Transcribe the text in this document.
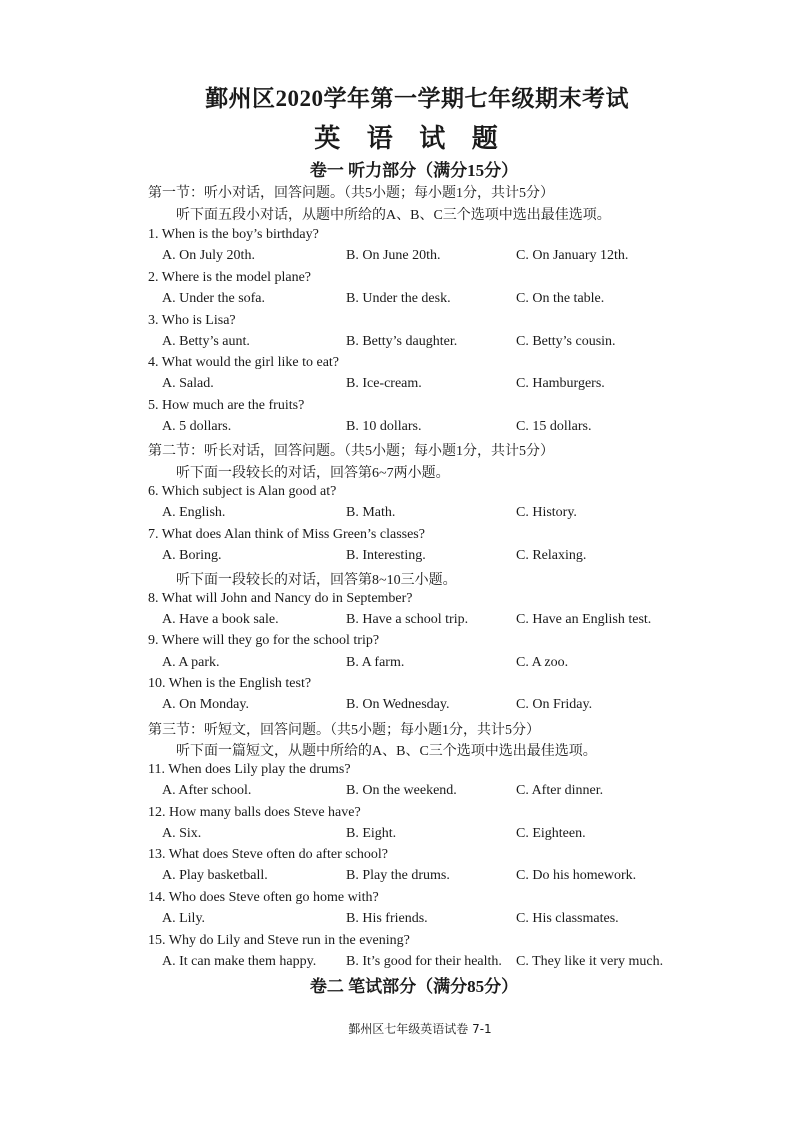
鄞州区2020学年第一学期七年级期末考试
英 语 试 题
卷一 听力部分（满分15分）
第一节：听小对话，回答问题。（共5小题；每小题1分，共计5分）
听下面五段小对话，从题中所给的A、B、C三个选项中选出最佳选项。
1. When is the boy’s birthday?
A. On July 20th.	B. On June 20th.	C. On January 12th.
2. Where is the model plane?
A. Under the sofa.	B. Under the desk.	C. On the table.
3. Who is Lisa?
A. Betty’s aunt.	B. Betty’s daughter.	C. Betty’s cousin.
4. What would the girl like to eat?
A. Salad.	B. Ice-cream.	C. Hamburgers.
5. How much are the fruits?
A. 5 dollars.	B. 10 dollars.	C. 15 dollars.
第二节：听长对话，回答问题。（共5小题；每小题1分，共计5分）
听下面一段较长的对话，回答第6~7两小题。
6. Which subject is Alan good at?
A. English.	B. Math.	C. History.
7. What does Alan think of Miss Green’s classes?
A. Boring.	B. Interesting.	C. Relaxing.
听下面一段较长的对话，回答第8~10三小题。
8. What will John and Nancy do in September?
A. Have a book sale.	B. Have a school trip.	C. Have an English test.
9. Where will they go for the school trip?
A. A park.	B. A farm.	C. A zoo.
10. When is the English test?
A. On Monday.	B. On Wednesday.	C. On Friday.
第三节：听短文，回答问题。（共5小题；每小题1分，共计5分）
听下面一篇短文，从题中所给的A、B、C三个选项中选出最佳选项。
11. When does Lily play the drums?
A. After school.	B. On the weekend.	C. After dinner.
12. How many balls does Steve have?
A. Six.	B. Eight.	C. Eighteen.
13. What does Steve often do after school?
A. Play basketball.	B. Play the drums.	C. Do his homework.
14. Who does Steve often go home with?
A. Lily.	B. His friends.	C. His classmates.
15. Why do Lily and Steve run in the evening?
A. It can make them happy. B. It’s good for their health. C. They like it very much.
卷二 笔试部分（满分85分）
鄞州区七年级英语试卷 7-1
